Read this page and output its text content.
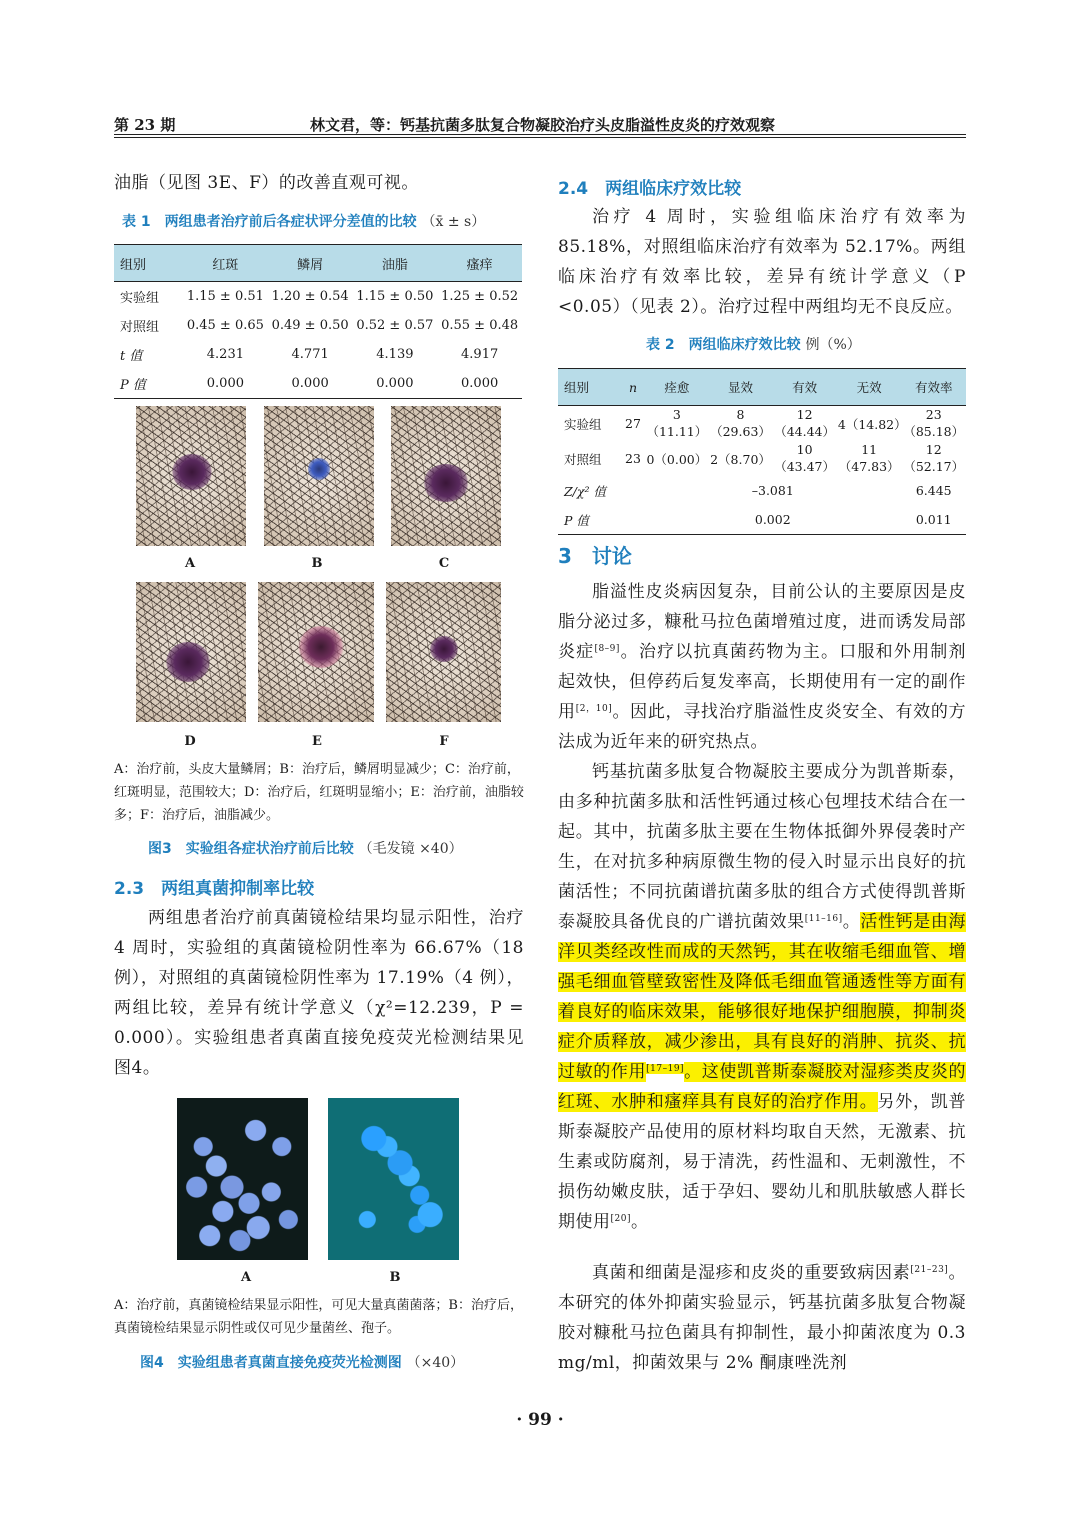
第 23 期	林文君，等：钙基抗菌多肽复合物凝胶治疗头皮脂溢性皮炎的疗效观察
油脂（见图 3E、F）的改善直观可视。
表 1　两组患者治疗前后各症状评分差值的比较 （x̄ ± s）
组别	红斑	鳞屑	油脂	瘙痒
实验组	1.15 ± 0.51	1.20 ± 0.54	1.15 ± 0.50	1.25 ± 0.52
对照组	0.45 ± 0.65	0.49 ± 0.50	0.52 ± 0.57	0.55 ± 0.48
t 值	4.231	4.771	4.139	4.917
P 值	0.000	0.000	0.000	0.000
A	B	C
D	E	F
A：治疗前，头皮大量鳞屑；B：治疗后，鳞屑明显减少；C：治疗前，红斑明显，范围较大；D：治疗后，红斑明显缩小；E：治疗前，油脂较多；F：治疗后，油脂减少。
图3　实验组各症状治疗前后比较 （毛发镜 ×40）
2.3　两组真菌抑制率比较
两组患者治疗前真菌镜检结果均显示阳性，治疗 4 周时，实验组的真菌镜检阴性率为 66.67%（18 例），对照组的真菌镜检阴性率为 17.19%（4 例），两组比较，差异有统计学意义（χ²=12.239，P = 0.000）。实验组患者真菌直接免疫荧光检测结果见图4。
A	B
A：治疗前，真菌镜检结果显示阳性，可见大量真菌菌落；B：治疗后，真菌镜检结果显示阴性或仅可见少量菌丝、孢子。
图4　实验组患者真菌直接免疫荧光检测图 （×40）
2.4　两组临床疗效比较
治疗 4 周时，实验组临床治疗有效率为 85.18%，对照组临床治疗有效率为 52.17%。两组临床治疗有效率比较，差异有统计学意义（P <0.05）（见表 2）。治疗过程中两组均无不良反应。
表 2　两组临床疗效比较 例（%）
组别	n	痊愈	显效	有效	无效	有效率
实验组	27	3（11.11）	8（29.63）	12（44.44）	4（14.82）	23（85.18）
对照组	23	0（0.00）	2（8.70）	10（43.47）	11（47.83）	12（52.17）
Z/χ² 值			–3.081			6.445
P 值			0.002			0.011
3　讨论
脂溢性皮炎病因复杂，目前公认的主要原因是皮脂分泌过多，糠秕马拉色菌增殖过度，进而诱发局部炎症[8–9]。治疗以抗真菌药物为主。口服和外用制剂起效快，但停药后复发率高，长期使用有一定的副作用[2，10]。因此，寻找治疗脂溢性皮炎安全、有效的方法成为近年来的研究热点。
钙基抗菌多肽复合物凝胶主要成分为凯普斯泰，由多种抗菌多肽和活性钙通过核心包埋技术结合在一起。其中，抗菌多肽主要在生物体抵御外界侵袭时产生，在对抗多种病原微生物的侵入时显示出良好的抗菌活性；不同抗菌谱抗菌多肽的组合方式使得凯普斯泰凝胶具备优良的广谱抗菌效果[11–16]。活性钙是由海洋贝类经改性而成的天然钙，其在收缩毛细血管、增强毛细血管壁致密性及降低毛细血管通透性等方面有着良好的临床效果，能够很好地保护细胞膜，抑制炎症介质释放，减少渗出，具有良好的消肿、抗炎、抗过敏的作用[17–19]。这使凯普斯泰凝胶对湿疹类皮炎的红斑、水肿和瘙痒具有良好的治疗作用。另外，凯普斯泰凝胶产品使用的原材料均取自天然，无激素、抗生素或防腐剂，易于清洗，药性温和、无刺激性，不损伤幼嫩皮肤，适于孕妇、婴幼儿和肌肤敏感人群长期使用[20]。
真菌和细菌是湿疹和皮炎的重要致病因素[21–23]。本研究的体外抑菌实验显示，钙基抗菌多肽复合物凝胶对糠秕马拉色菌具有抑制性，最小抑菌浓度为 0.3 mg/ml，抑菌效果与 2% 酮康唑洗剂
· 99 ·
